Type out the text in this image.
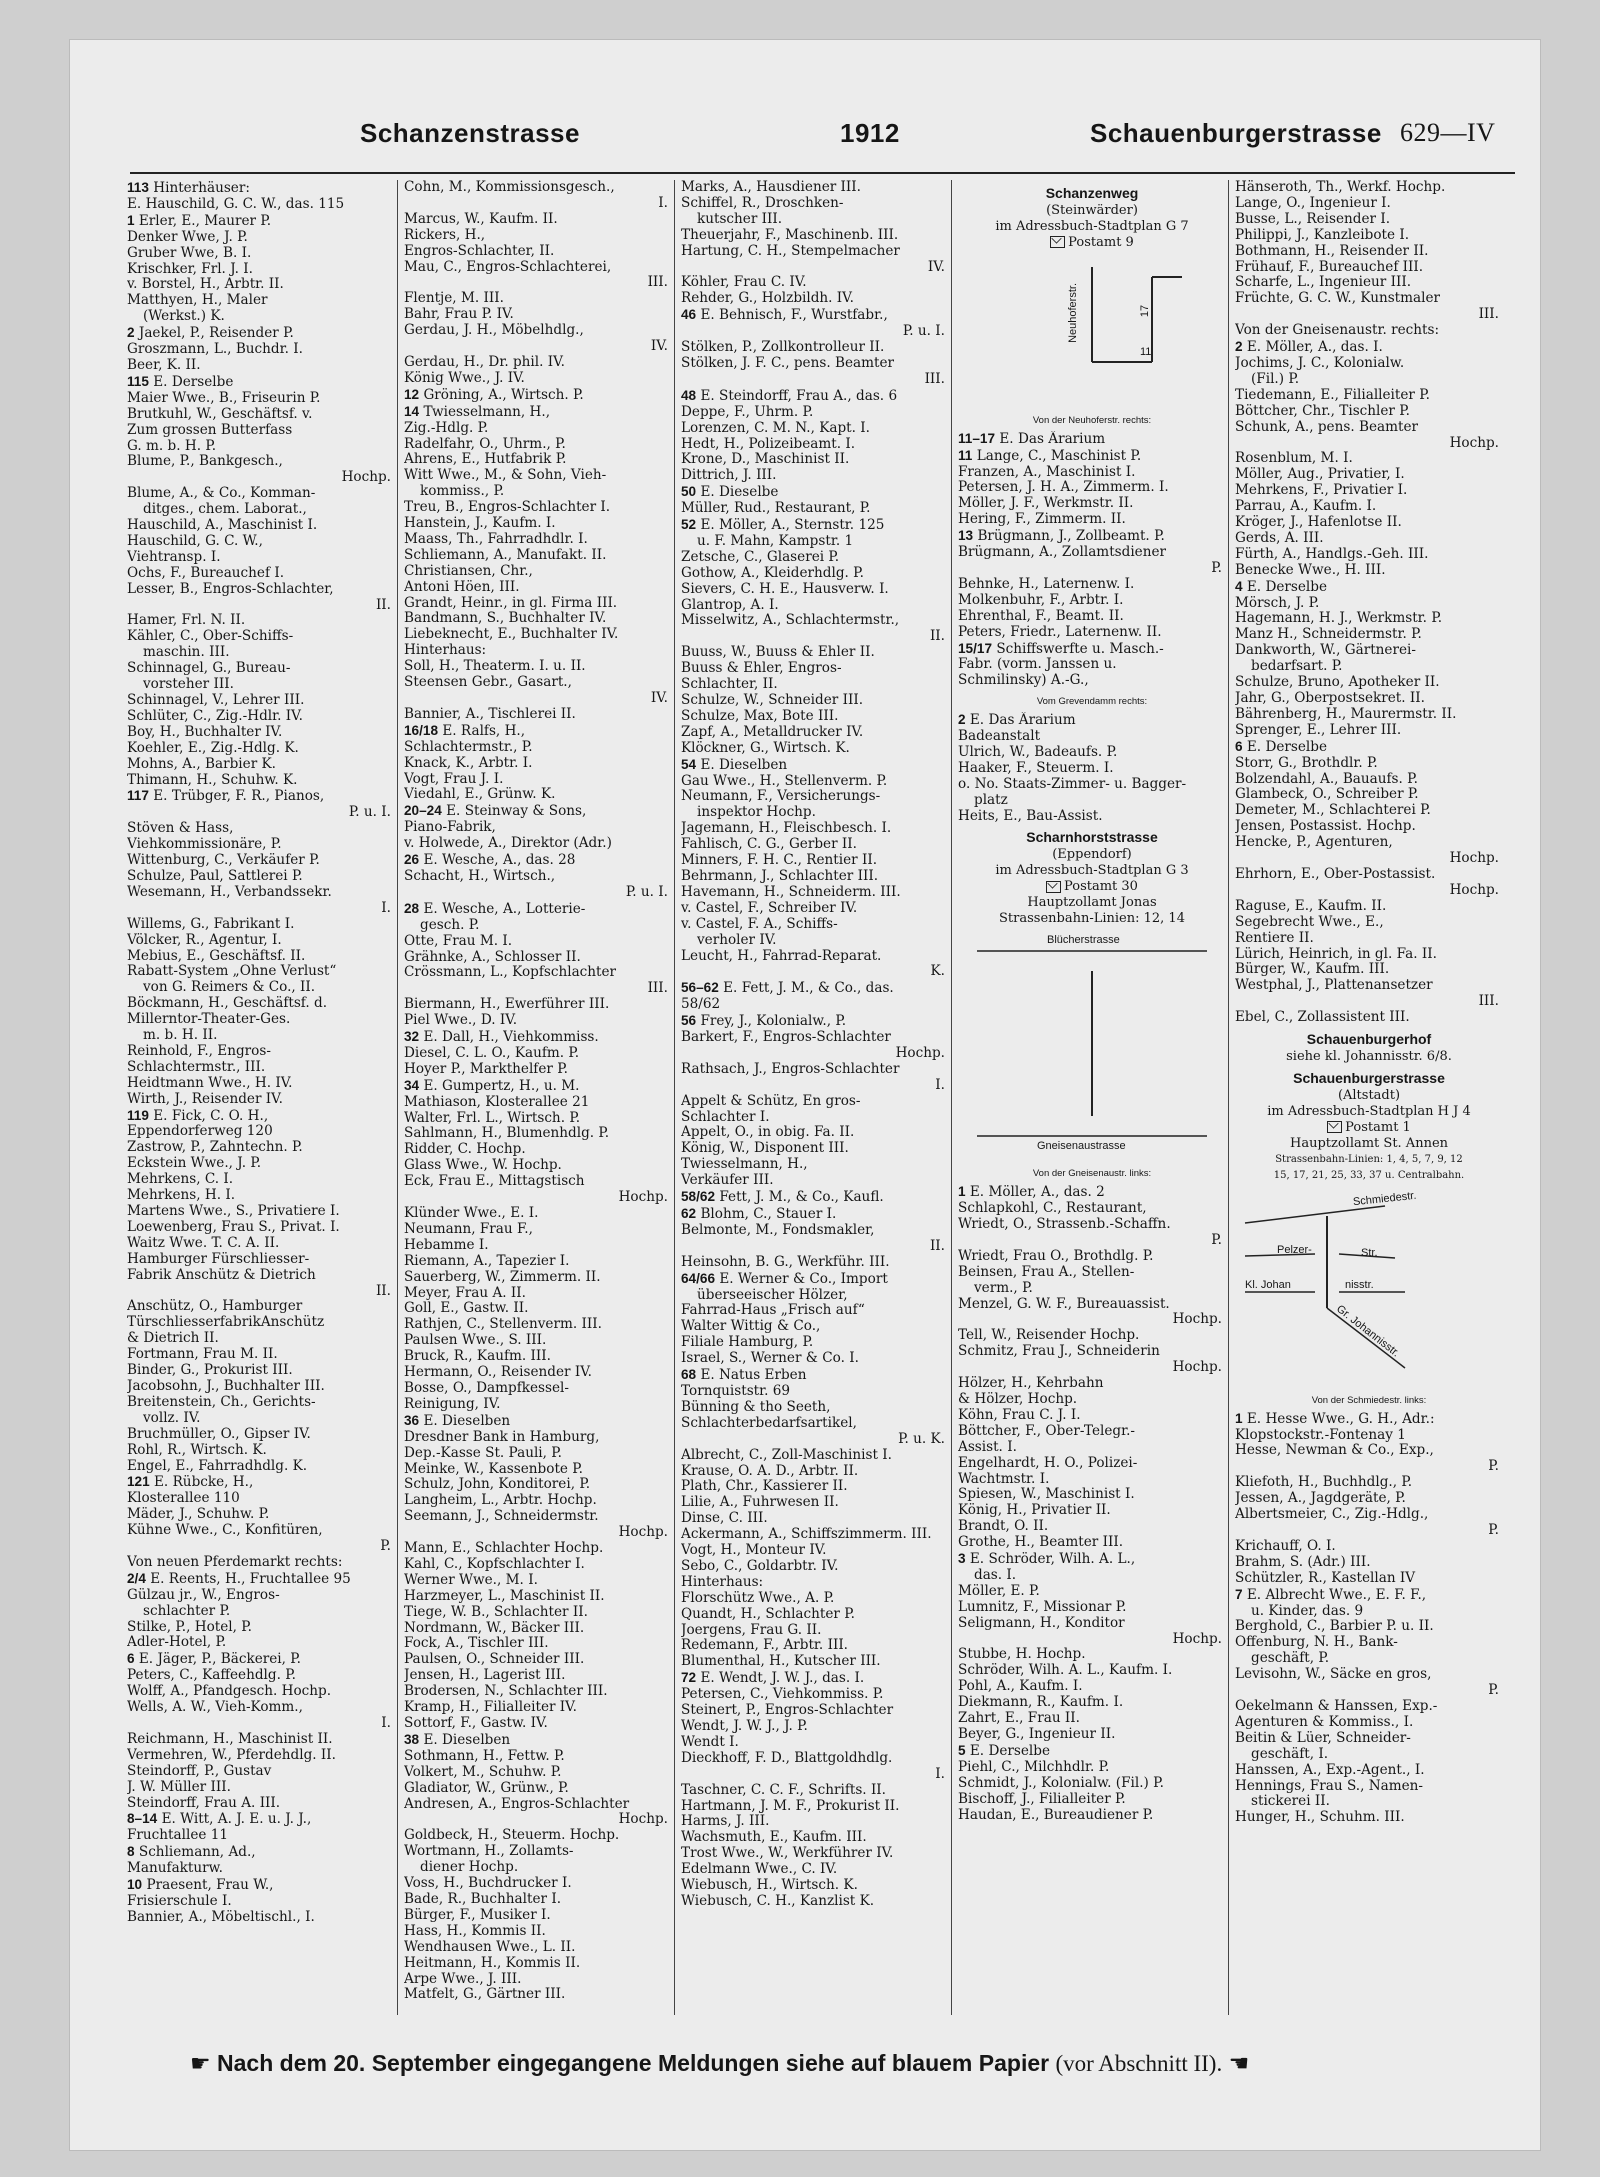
Schanzenstrasse	1912	Schauenburgerstrasse 629—IV
113 Hinterhäuser:
E. Hauschild, G. C. W., das. 115
1 Erler, E., Maurer P.
Denker Wwe, J. P.
Gruber Wwe, B. I.
Krischker, Frl. J. I.
v. Borstel, H., Arbtr. II.
Matthyen, H., Maler
(Werkst.) K.
2 Jaekel, P., Reisender P.
Groszmann, L., Buchdr. I.
Beer, K. II.
115 E. Derselbe
Maier Wwe., B., Friseurin P.
Brutkuhl, W., Geschäftsf. v.
Zum grossen Butterfass
G. m. b. H. P.
Blume, P., Bankgesch.,
Hochp.
Blume, A., & Co., Komman-
ditges., chem. Laborat.,
Hauschild, A., Maschinist I.
Hauschild, G. C. W.,
Viehtransp. I.
Ochs, F., Bureauchef I.
Lesser, B., Engros-Schlachter,
II.
Hamer, Frl. N. II.
Kähler, C., Ober-Schiffs-
maschin. III.
Schinnagel, G., Bureau-
vorsteher III.
Schinnagel, V., Lehrer III.
Schlüter, C., Zig.-Hdlr. IV.
Boy, H., Buchhalter IV.
Koehler, E., Zig.-Hdlg. K.
Mohns, A., Barbier K.
Thimann, H., Schuhw. K.
117 E. Trübger, F. R., Pianos,
P. u. I.
Stöven & Hass,
Viehkommissionäre, P.
Wittenburg, C., Verkäufer P.
Schulze, Paul, Sattlerei P.
Wesemann, H., Verbandssekr.
I.
Willems, G., Fabrikant I.
Völcker, R., Agentur, I.
Mebius, E., Geschäftsf. II.
Rabatt-System „Ohne Verlust“
von G. Reimers & Co., II.
Böckmann, H., Geschäftsf. d.
Millerntor-Theater-Ges.
m. b. H. II.
Reinhold, F., Engros-
Schlachtermstr., III.
Heidtmann Wwe., H. IV.
Wirth, J., Reisender IV.
119 E. Fick, C. O. H.,
Eppendorferweg 120
Zastrow, P., Zahntechn. P.
Eckstein Wwe., J. P.
Mehrkens, C. I.
Mehrkens, H. I.
Martens Wwe., S., Privatiere I.
Loewenberg, Frau S., Privat. I.
Waitz Wwe. T. C. A. II.
Hamburger Fürschliesser-
Fabrik Anschütz & Dietrich
II.
Anschütz, O., Hamburger
TürschliesserfabrikAnschütz
& Dietrich II.
Fortmann, Frau M. II.
Binder, G., Prokurist III.
Jacobsohn, J., Buchhalter III.
Breitenstein, Ch., Gerichts-
vollz. IV.
Bruchmüller, O., Gipser IV.
Rohl, R., Wirtsch. K.
Engel, E., Fahrradhdlg. K.
121 E. Rübcke, H.,
Klosterallee 110
Mäder, J., Schuhw. P.
Kühne Wwe., C., Konfitüren,
P.
Von neuen Pferdemarkt rechts:
2/4 E. Reents, H., Fruchtallee 95
Gülzau jr., W., Engros-
schlachter P.
Stilke, P., Hotel, P.
Adler-Hotel, P.
6 E. Jäger, P., Bäckerei, P.
Peters, C., Kaffeehdlg. P.
Wolff, A., Pfandgesch. Hochp.
Wells, A. W., Vieh-Komm.,
I.
Reichmann, H., Maschinist II.
Vermehren, W., Pferdehdlg. II.
Steindorff, P., Gustav
J. W. Müller III.
Steindorff, Frau A. III.
8–14 E. Witt, A. J. E. u. J. J.,
Fruchtallee 11
8 Schliemann, Ad.,
Manufakturw.
10 Praesent, Frau W.,
Frisierschule I.
Bannier, A., Möbeltischl., I.
Cohn, M., Kommissionsgesch.,
I.
Marcus, W., Kaufm. II.
Rickers, H.,
Engros-Schlachter, II.
Mau, C., Engros-Schlachterei,
III.
Flentje, M. III.
Bahr, Frau P. IV.
Gerdau, J. H., Möbelhdlg.,
IV.
Gerdau, H., Dr. phil. IV.
König Wwe., J. IV.
12 Gröning, A., Wirtsch. P.
14 Twiesselmann, H.,
Zig.-Hdlg. P.
Radelfahr, O., Uhrm., P.
Ahrens, E., Hutfabrik P.
Witt Wwe., M., & Sohn, Vieh-
kommiss., P.
Treu, B., Engros-Schlachter I.
Hanstein, J., Kaufm. I.
Maass, Th., Fahrradhdlr. I.
Schliemann, A., Manufakt. II.
Christiansen, Chr.,
Antoni Höen, III.
Grandt, Heinr., in gl. Firma III.
Bandmann, S., Buchhalter IV.
Liebeknecht, E., Buchhalter IV.
Hinterhaus:
Soll, H., Theaterm. I. u. II.
Steensen Gebr., Gasart.,
IV.
Bannier, A., Tischlerei II.
16/18 E. Ralfs, H.,
Schlachtermstr., P.
Knack, K., Arbtr. I.
Vogt, Frau J. I.
Viedahl, E., Grünw. K.
20–24 E. Steinway & Sons,
Piano-Fabrik,
v. Holwede, A., Direktor (Adr.)
26 E. Wesche, A., das. 28
Schacht, H., Wirtsch.,
P. u. I.
28 E. Wesche, A., Lotterie-
gesch. P.
Otte, Frau M. I.
Grähnke, A., Schlosser II.
Crössmann, L., Kopfschlachter
III.
Biermann, H., Ewerführer III.
Piel Wwe., D. IV.
32 E. Dall, H., Viehkommiss.
Diesel, C. L. O., Kaufm. P.
Hoyer P., Markthelfer P.
34 E. Gumpertz, H., u. M.
Mathiason, Klosterallee 21
Walter, Frl. L., Wirtsch. P.
Sahlmann, H., Blumenhdlg. P.
Ridder, C. Hochp.
Glass Wwe., W. Hochp.
Eck, Frau E., Mittagstisch
Hochp.
Klünder Wwe., E. I.
Neumann, Frau F.,
Hebamme I.
Riemann, A., Tapezier I.
Sauerberg, W., Zimmerm. II.
Meyer, Frau A. II.
Goll, E., Gastw. II.
Rathjen, C., Stellenverm. III.
Paulsen Wwe., S. III.
Bruck, R., Kaufm. III.
Hermann, O., Reisender IV.
Bosse, O., Dampfkessel-
Reinigung, IV.
36 E. Dieselben
Dresdner Bank in Hamburg,
Dep.-Kasse St. Pauli, P.
Meinke, W., Kassenbote P.
Schulz, John, Konditorei, P.
Langheim, L., Arbtr. Hochp.
Seemann, J., Schneidermstr.
Hochp.
Mann, E., Schlachter Hochp.
Kahl, C., Kopfschlachter I.
Werner Wwe., M. I.
Harzmeyer, L., Maschinist II.
Tiege, W. B., Schlachter II.
Nordmann, W., Bäcker III.
Fock, A., Tischler III.
Paulsen, O., Schneider III.
Jensen, H., Lagerist III.
Brodersen, N., Schlachter III.
Kramp, H., Filialleiter IV.
Sottorf, F., Gastw. IV.
38 E. Dieselben
Sothmann, H., Fettw. P.
Volkert, M., Schuhw. P.
Gladiator, W., Grünw., P.
Andresen, A., Engros-Schlachter
Hochp.
Goldbeck, H., Steuerm. Hochp.
Wortmann, H., Zollamts-
diener Hochp.
Voss, H., Buchdrucker I.
Bade, R., Buchhalter I.
Bürger, F., Musiker I.
Hass, H., Kommis II.
Wendhausen Wwe., L. II.
Heitmann, H., Kommis II.
Arpe Wwe., J. III.
Matfelt, G., Gärtner III.
Marks, A., Hausdiener III.
Schiffel, R., Droschken-
kutscher III.
Theuerjahr, F., Maschinenb. III.
Hartung, C. H., Stempelmacher
IV.
Köhler, Frau C. IV.
Rehder, G., Holzbildh. IV.
46 E. Behnisch, F., Wurstfabr.,
P. u. I.
Stölken, P., Zollkontrolleur II.
Stölken, J. F. C., pens. Beamter
III.
48 E. Steindorff, Frau A., das. 6
Deppe, F., Uhrm. P.
Lorenzen, C. M. N., Kapt. I.
Hedt, H., Polizeibeamt. I.
Krone, D., Maschinist II.
Dittrich, J. III.
50 E. Dieselbe
Müller, Rud., Restaurant, P.
52 E. Möller, A., Sternstr. 125
u. F. Mahn, Kampstr. 1
Zetsche, C., Glaserei P.
Gothow, A., Kleiderhdlg. P.
Sievers, C. H. E., Hausverw. I.
Glantrop, A. I.
Misselwitz, A., Schlachtermstr.,
II.
Buuss, W., Buuss & Ehler II.
Buuss & Ehler, Engros-
Schlachter, II.
Schulze, W., Schneider III.
Schulze, Max, Bote III.
Zapf, A., Metalldrucker IV.
Klöckner, G., Wirtsch. K.
54 E. Dieselben
Gau Wwe., H., Stellenverm. P.
Neumann, F., Versicherungs-
inspektor Hochp.
Jagemann, H., Fleischbesch. I.
Fahlisch, C. G., Gerber II.
Minners, F. H. C., Rentier II.
Behrmann, J., Schlachter III.
Havemann, H., Schneiderm. III.
v. Castel, F., Schreiber IV.
v. Castel, F. A., Schiffs-
verholer IV.
Leucht, H., Fahrrad-Reparat.
K.
56–62 E. Fett, J. M., & Co., das.
58/62
56 Frey, J., Kolonialw., P.
Barkert, F., Engros-Schlachter
Hochp.
Rathsach, J., Engros-Schlachter
I.
Appelt & Schütz, En gros-
Schlachter I.
Appelt, O., in obig. Fa. II.
König, W., Disponent III.
Twiesselmann, H.,
Verkäufer III.
58/62 Fett, J. M., & Co., Kaufl.
62 Blohm, C., Stauer I.
Belmonte, M., Fondsmakler,
II.
Heinsohn, B. G., Werkführ. III.
64/66 E. Werner & Co., Import
überseeischer Hölzer,
Fahrrad-Haus „Frisch auf“
Walter Wittig & Co.,
Filiale Hamburg, P.
Israel, S., Werner & Co. I.
68 E. Natus Erben
Tornquiststr. 69
Bünning & tho Seeth,
Schlachterbedarfsartikel,
P. u. K.
Albrecht, C., Zoll-Maschinist I.
Krause, O. A. D., Arbtr. II.
Plath, Chr., Kassierer II.
Lilie, A., Fuhrwesen II.
Dinse, C. III.
Ackermann, A., Schiffszimmerm. III.
Vogt, H., Monteur IV.
Sebo, C., Goldarbtr. IV.
Hinterhaus:
Florschütz Wwe., A. P.
Quandt, H., Schlachter P.
Joergens, Frau G. II.
Redemann, F., Arbtr. III.
Blumenthal, H., Kutscher III.
72 E. Wendt, J. W. J., das. I.
Petersen, C., Viehkommiss. P.
Steinert, P., Engros-Schlachter
Wendt, J. W. J., J. P.
Wendt I.
Dieckhoff, F. D., Blattgoldhdlg.
I.
Taschner, C. C. F., Schrifts. II.
Hartmann, J. M. F., Prokurist II.
Harms, J. III.
Wachsmuth, E., Kaufm. III.
Trost Wwe., W., Werkführer IV.
Edelmann Wwe., C. IV.
Wiebusch, H., Wirtsch. K.
Wiebusch, C. H., Kanzlist K.
Schanzenweg
(Steinwärder)
im Adressbuch-Stadtplan G 7
Postamt 9
Neuhoferstr.	17
11
Von der Neuhoferstr. rechts:
11–17 E. Das Ärarium
11 Lange, C., Maschinist P.
Franzen, A., Maschinist I.
Petersen, J. H. A., Zimmerm. I.
Möller, J. F., Werkmstr. II.
Hering, F., Zimmerm. II.
13 Brügmann, J., Zollbeamt. P.
Brügmann, A., Zollamtsdiener
P.
Behnke, H., Laternenw. I.
Molkenbuhr, F., Arbtr. I.
Ehrenthal, F., Beamt. II.
Peters, Friedr., Laternenw. II.
15/17 Schiffswerfte u. Masch.-
Fabr. (vorm. Janssen u.
Schmilinsky) A.-G.,
Vom Grevendamm rechts:
2 E. Das Ärarium
Badeanstalt
Ulrich, W., Badeaufs. P.
Haaker, F., Steuerm. I.
o. No. Staats-Zimmer- u. Bagger-
platz
Heits, E., Bau-Assist.
Scharnhorststrasse
(Eppendorf)
im Adressbuch-Stadtplan G 3
Postamt 30
Hauptzollamt Jonas
Strassenbahn-Linien: 12, 14
Blücherstrasse
Gneisenaustrasse
Von der Gneisenaustr. links:
1 E. Möller, A., das. 2
Schlapkohl, C., Restaurant,
Wriedt, O., Strassenb.-Schaffn.
P.
Wriedt, Frau O., Brothdlg. P.
Beinsen, Frau A., Stellen-
verm., P.
Menzel, G. W. F., Bureauassist.
Hochp.
Tell, W., Reisender Hochp.
Schmitz, Frau J., Schneiderin
Hochp.
Hölzer, H., Kehrbahn
& Hölzer, Hochp.
Köhn, Frau C. J. I.
Böttcher, F., Ober-Telegr.-
Assist. I.
Engelhardt, H. O., Polizei-
Wachtmstr. I.
Spiesen, W., Maschinist I.
König, H., Privatier II.
Brandt, O. II.
Grothe, H., Beamter III.
3 E. Schröder, Wilh. A. L.,
das. I.
Möller, E. P.
Lumnitz, F., Missionar P.
Seligmann, H., Konditor
Hochp.
Stubbe, H. Hochp.
Schröder, Wilh. A. L., Kaufm. I.
Pohl, A., Kaufm. I.
Diekmann, R., Kaufm. I.
Zahrt, E., Frau II.
Beyer, G., Ingenieur II.
5 E. Derselbe
Piehl, C., Milchhdlr. P.
Schmidt, J., Kolonialw. (Fil.) P.
Bischoff, J., Filialleiter P.
Haudan, E., Bureaudiener P.
Hänseroth, Th., Werkf. Hochp.
Lange, O., Ingenieur I.
Busse, L., Reisender I.
Philippi, J., Kanzleibote I.
Bothmann, H., Reisender II.
Frühauf, F., Bureauchef III.
Scharfe, L., Ingenieur III.
Früchte, G. C. W., Kunstmaler
III.
Von der Gneisenaustr. rechts:
2 E. Möller, A., das. I.
Jochims, J. C., Kolonialw.
(Fil.) P.
Tiedemann, E., Filialleiter P.
Böttcher, Chr., Tischler P.
Schunk, A., pens. Beamter
Hochp.
Rosenblum, M. I.
Möller, Aug., Privatier, I.
Mehrkens, F., Privatier I.
Parrau, A., Kaufm. I.
Kröger, J., Hafenlotse II.
Gerds, A. III.
Fürth, A., Handlgs.-Geh. III.
Benecke Wwe., H. III.
4 E. Derselbe
Mörsch, J. P.
Hagemann, H. J., Werkmstr. P.
Manz H., Schneidermstr. P.
Dankworth, W., Gärtnerei-
bedarfsart. P.
Schulze, Bruno, Apotheker II.
Jahr, G., Oberpostsekret. II.
Bährenberg, H., Maurermstr. II.
Sprenger, E., Lehrer III.
6 E. Derselbe
Storr, G., Brothdlr. P.
Bolzendahl, A., Bauaufs. P.
Glambeck, O., Schreiber P.
Demeter, M., Schlachterei P.
Jensen, Postassist. Hochp.
Hencke, P., Agenturen,
Hochp.
Ehrhorn, E., Ober-Postassist.
Hochp.
Raguse, E., Kaufm. II.
Segebrecht Wwe., E.,
Rentiere II.
Lürich, Heinrich, in gl. Fa. II.
Bürger, W., Kaufm. III.
Westphal, J., Plattenansetzer
III.
Ebel, C., Zollassistent III.
Schauenburgerhof
siehe kl. Johannisstr. 6/8.
Schauenburgerstrasse
(Altstadt)
im Adressbuch-Stadtplan H J 4
Postamt 1
Hauptzollamt St. Annen
Strassenbahn-Linien: 1, 4, 5, 7, 9, 12
15, 17, 21, 25, 33, 37 u. Centralbahn.
Schmiedestr.
Pelzer-	Str.
Kl. Johan	nisstr.
Gr. Johannisstr.
Von der Schmiedestr. links:
1 E. Hesse Wwe., G. H., Adr.:
Klopstockstr.-Fontenay 1
Hesse, Newman & Co., Exp.,
P.
Kliefoth, H., Buchhdlg., P.
Jessen, A., Jagdgeräte, P.
Albertsmeier, C., Zig.-Hdlg.,
P.
Krichauff, O. I.
Brahm, S. (Adr.) III.
Schützler, R., Kastellan IV
7 E. Albrecht Wwe., E. F. F.,
u. Kinder, das. 9
Berghold, C., Barbier P. u. II.
Offenburg, N. H., Bank-
geschäft, P.
Levisohn, W., Säcke en gros,
P.
Oekelmann & Hanssen, Exp.-
Agenturen & Kommiss., I.
Beitin & Lüer, Schneider-
geschäft, I.
Hanssen, A., Exp.-Agent., I.
Hennings, Frau S., Namen-
stickerei II.
Hunger, H., Schuhm. III.
☛ Nach dem 20. September eingegangene Meldungen siehe auf blauem Papier (vor Abschnitt II). ☚
